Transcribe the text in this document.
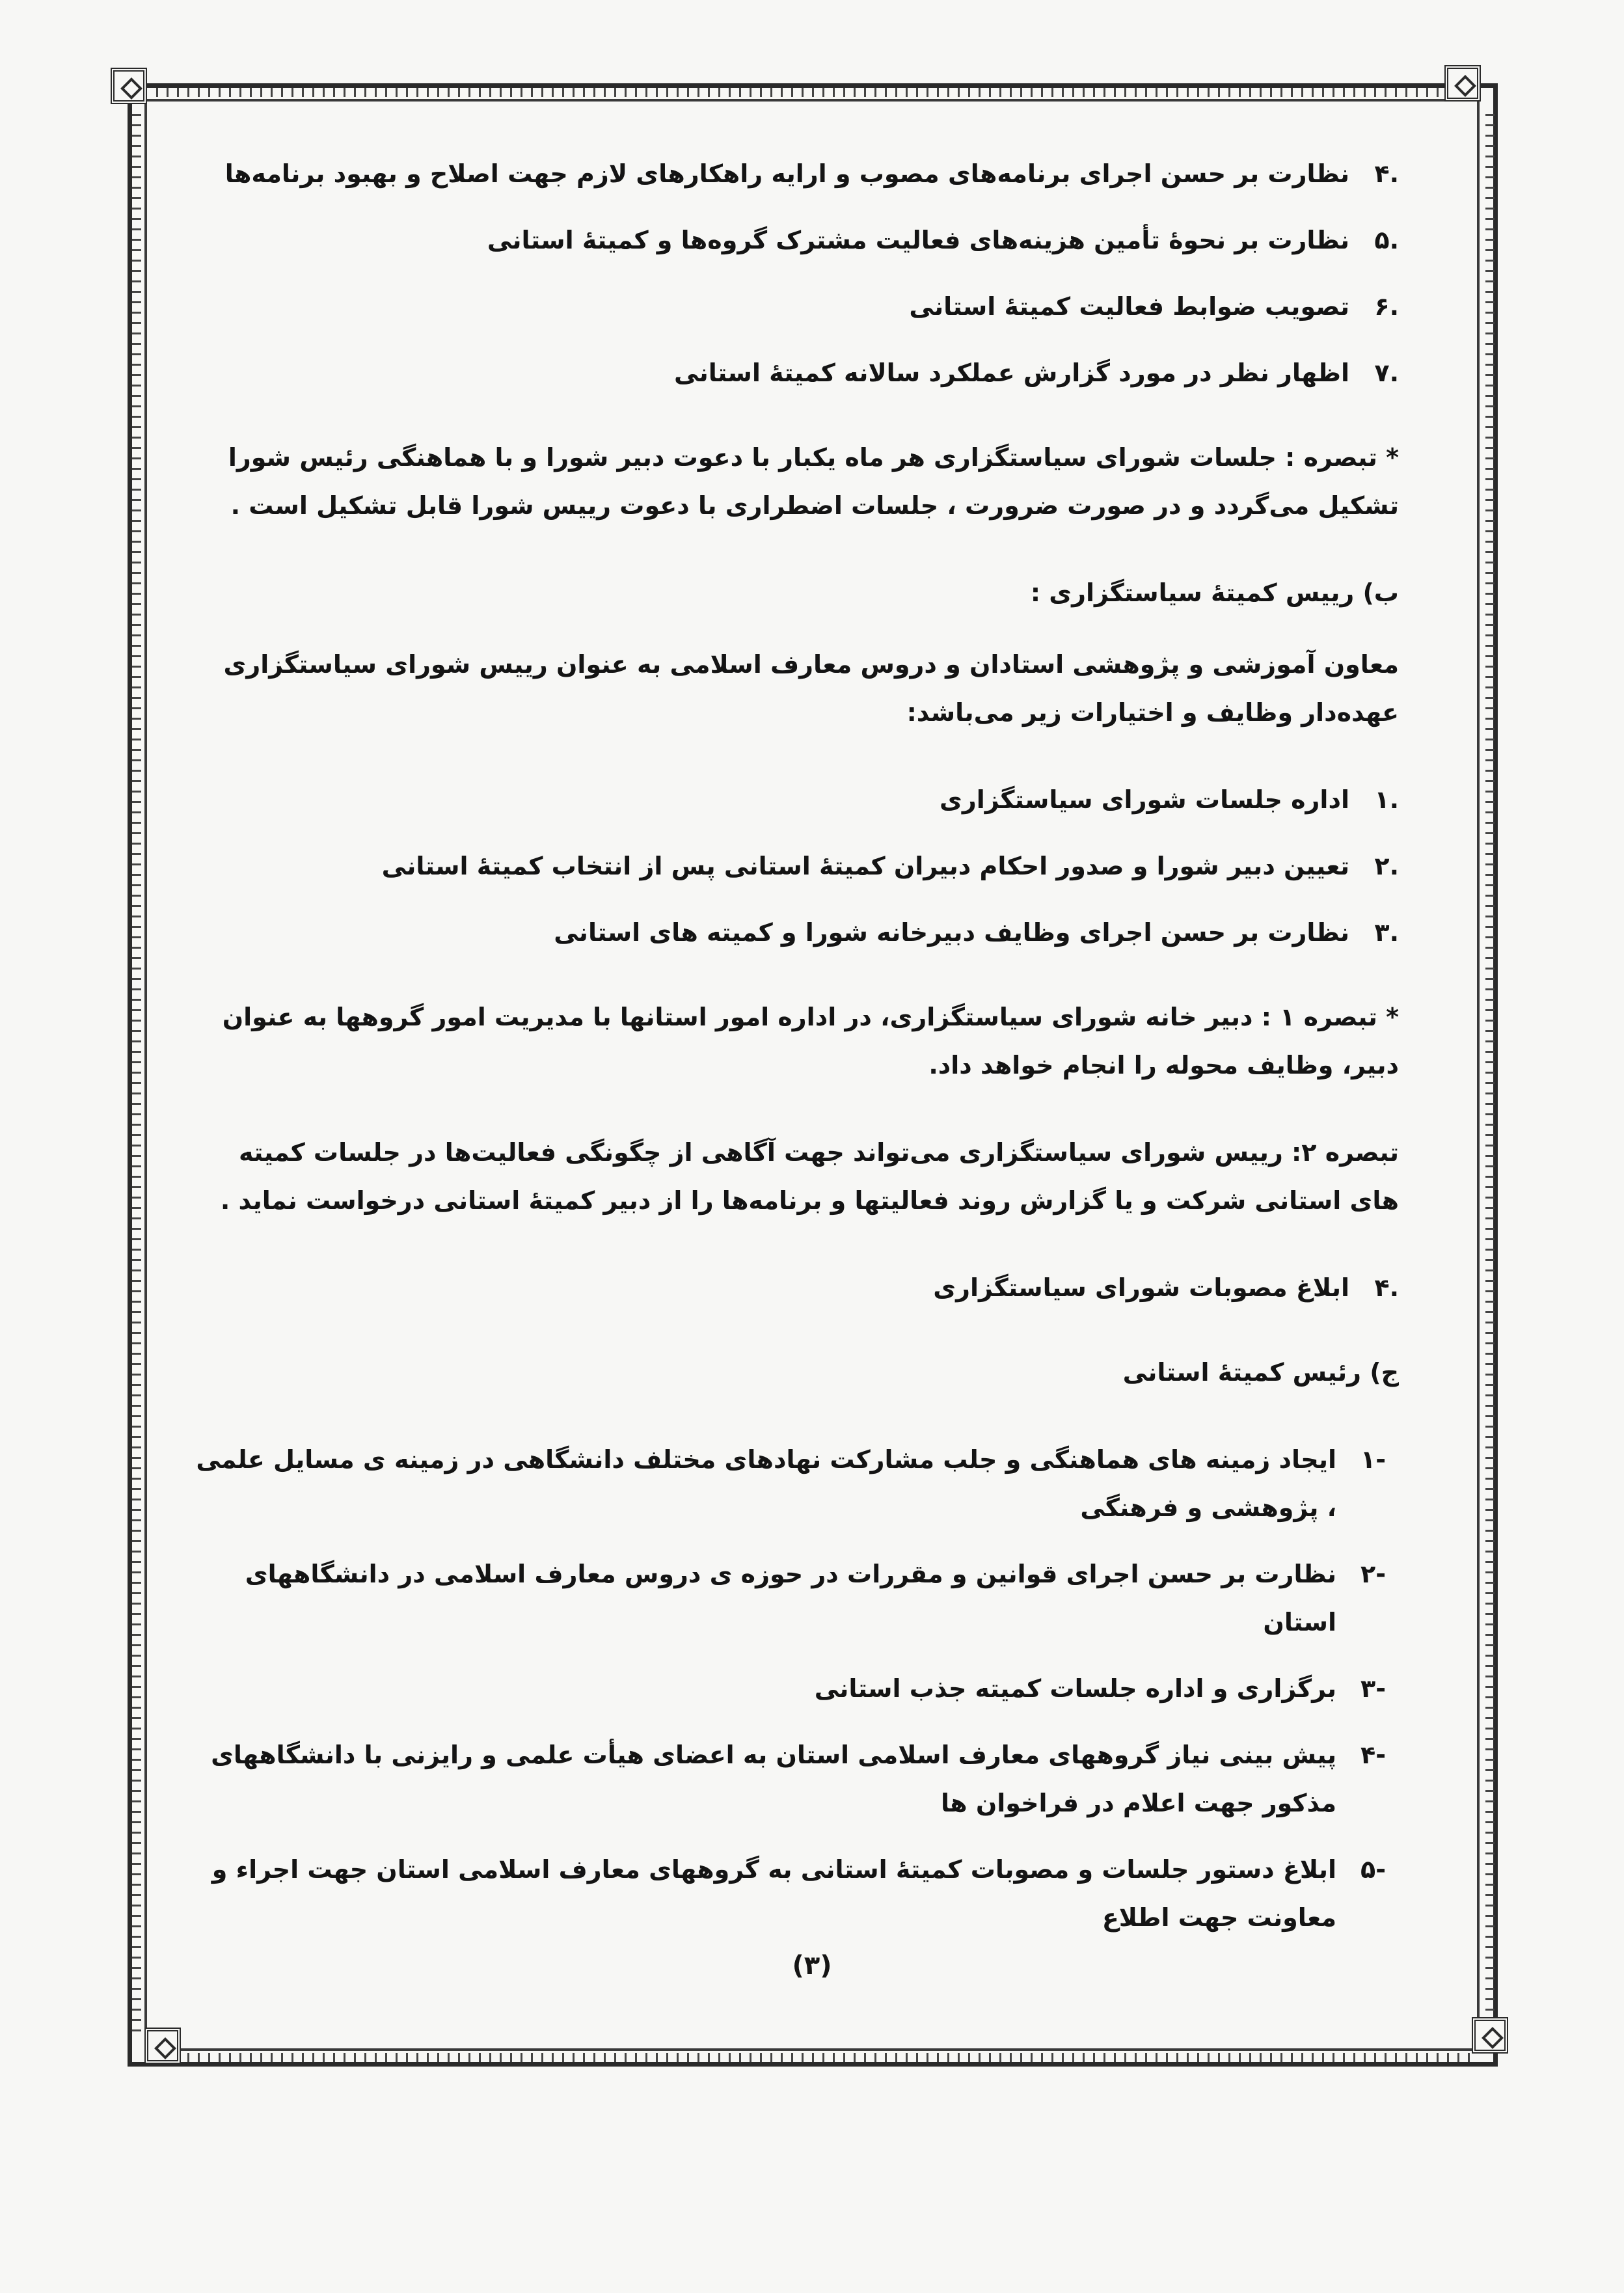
.۴
نظارت بر حسن اجرای برنامه‌های مصوب و ارایه راهکارهای لازم جهت اصلاح و بهبود برنامه‌ها
.۵
نظارت بر نحوهٔ تأمین هزینه‌های فعالیت مشترک گروه‌ها و کمیتهٔ استانی
.۶
تصویب ضوابط فعالیت کمیتهٔ استانی
.۷
اظهار نظر در مورد گزارش عملکرد سالانه کمیتهٔ استانی

* تبصره : جلسات شورای سیاستگزاری هر ماه یکبار با دعوت دبیر شورا و با هماهنگی رئیس شورا تشکیل می‌گردد و در صورت ضرورت ، جلسات اضطراری با دعوت رییس شورا قابل تشکیل است .

ب) رییس کمیتهٔ سیاستگزاری :

معاون آموزشی و پژوهشی استادان و دروس معارف اسلامی به عنوان رییس شورای سیاستگزاری عهده‌دار وظایف و اختیارات زیر می‌باشد:

.۱
اداره جلسات شورای سیاستگزاری
.۲
تعیین دبیر شورا و صدور احکام دبیران کمیتهٔ استانی پس از انتخاب کمیتهٔ استانی
.۳
نظارت بر حسن اجرای وظایف دبیرخانه شورا و کمیته های استانی

* تبصره ۱ : دبیر خانه شورای سیاستگزاری، در اداره امور استانها با مدیریت امور گروهها به عنوان دبیر، وظایف محوله را انجام خواهد داد.

تبصره ۲: رییس شورای سیاستگزاری می‌تواند جهت آگاهی از چگونگی فعالیت‌ها در جلسات کمیته های استانی شرکت و یا گزارش روند فعالیتها و برنامه‌ها را از دبیر کمیتهٔ استانی درخواست نماید .

.۴
ابلاغ مصوبات شورای سیاستگزاری

ج) رئیس کمیتهٔ استانی

-۱
ایجاد زمینه های هماهنگی و جلب مشارکت نهادهای مختلف دانشگاهی در زمینه ی مسایل علمی ، پژوهشی و فرهنگی
-۲
نظارت بر حسن اجرای قوانین و مقررات در حوزه ی دروس معارف اسلامی در دانشگاههای استان
-۳
برگزاری و اداره جلسات کمیته جذب استانی
-۴
پیش بینی نیاز گروههای معارف اسلامی استان به اعضای هیأت علمی و رایزنی با دانشگاههای مذکور جهت اعلام در فراخوان ها
-۵
ابلاغ دستور جلسات و مصوبات کمیتهٔ استانی به گروههای معارف اسلامی استان جهت اجراء و معاونت جهت اطلاع
(۳)
